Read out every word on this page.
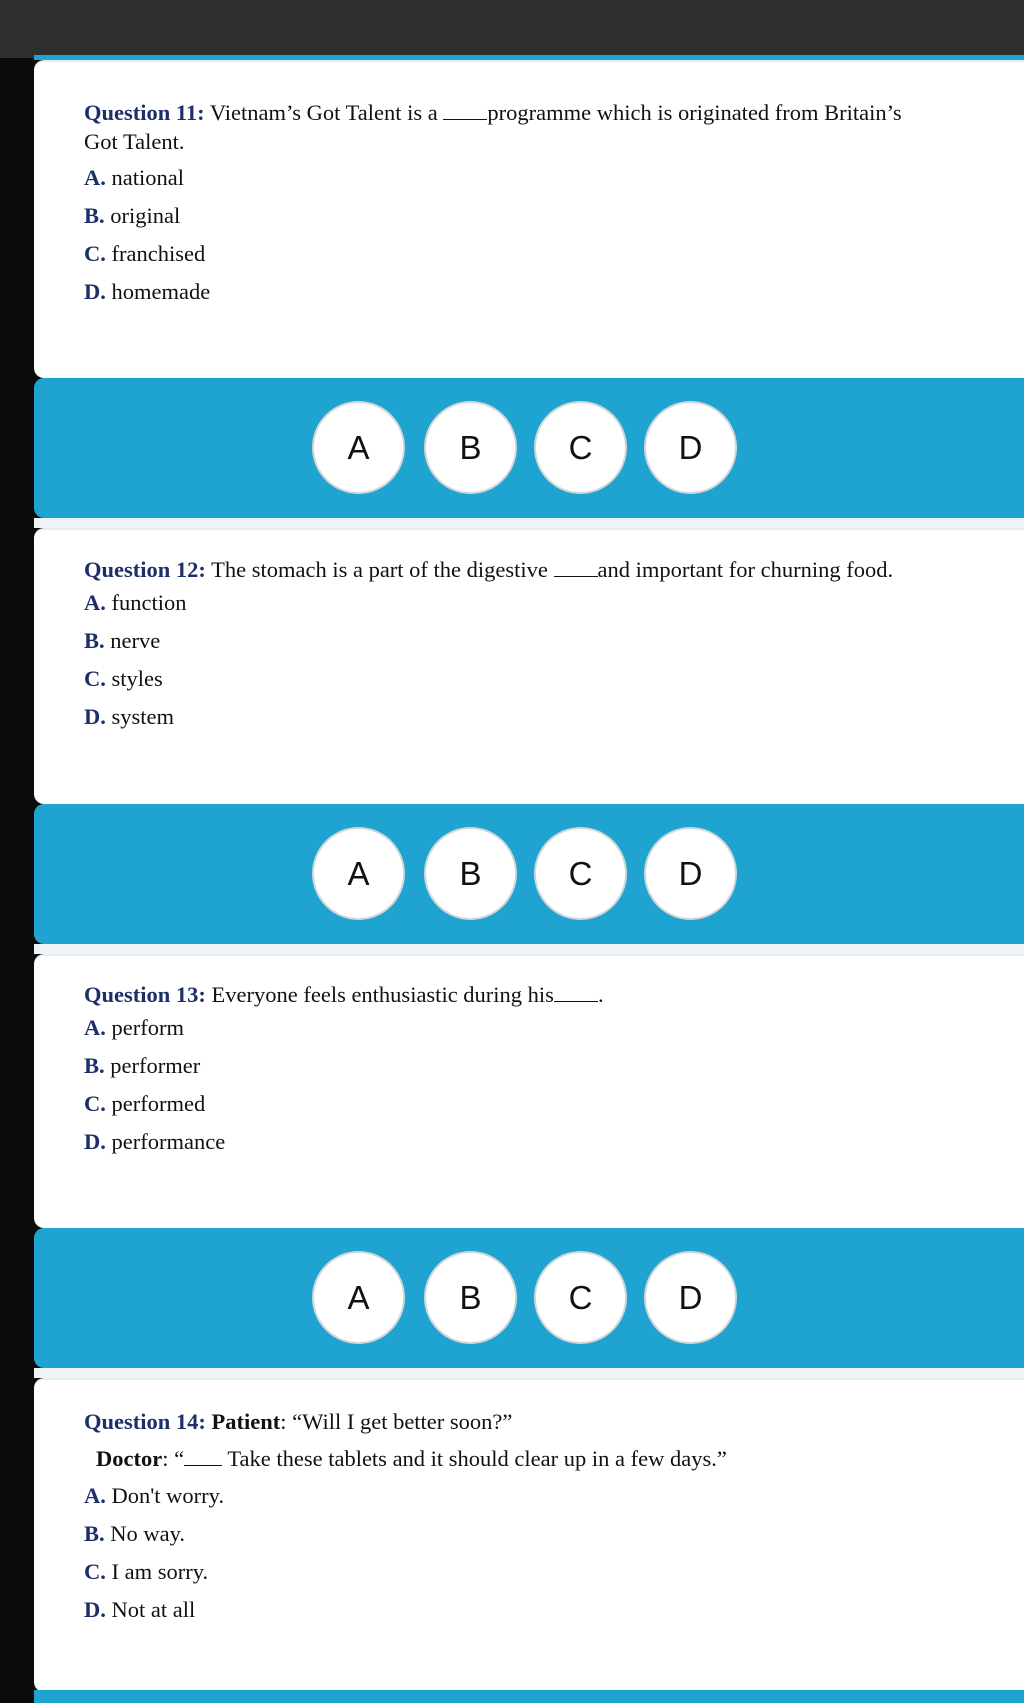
Question 11: Vietnam’s Got Talent is a programme which is originated from Britain’s

Got Talent.

A. national

B. original

C. franchised

D. homemade

A	B	C	D

Question 12: The stomach is a part of the digestive and important for churning food.

A. function

B. nerve

C. styles

D. system

A	B	C	D

Question 13: Everyone feels enthusiastic during his .

A. perform

B. performer

C. performed

D. performance

A	B	C	D

Question 14: Patient: “Will I get better soon?”

Doctor: “ Take these tablets and it should clear up in a few days.”

A. Don't worry.

B. No way.

C. I am sorry.

D. Not at all
